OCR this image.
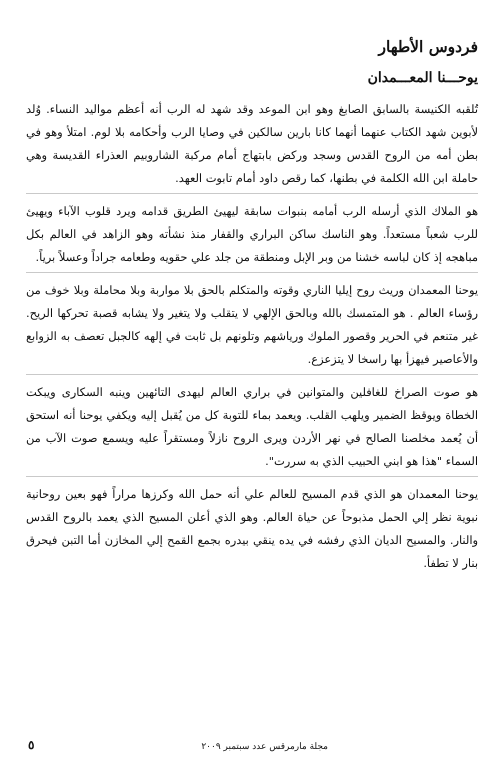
فردوس الأطهار
يوحـــنا المعـــمدان

تُلقبه الكنيسة بالسابق الصابغ وهو ابن الموعد وقد شهد له الرب أنه أعظم مواليد النساء. وُلد لأبوين شهد الكتاب عنهما أنهما كانا بارين سالكين في وصايا الرب وأحكامه بلا لوم. امتلأ وهو في بطن أمه من الروح القدس وسجد وركض بابتهاج أمام مركبة الشاروبيم العذراء القديسة وهي حاملة ابن الله الكلمة في بطنها، كما رقص داود أمام تابوت العهد.

هو الملاك الذي أرسله الرب أمامه بنبوات سابقة ليهيئ الطريق قدامه ويرد قلوب الآباء ويهيئ للرب شعباً مستعداً. وهو الناسك ساكن البراري والقفار منذ نشأته وهو الزاهد في العالم بكل مباهجه إذ كان لباسه خشنا من وبر الإبل ومنطقة من جلد علي حقويه وطعامه جراداً وعسلاً برياً.

يوحنا المعمدان وريث روح إيليا الناري وقوته والمتكلم بالحق بلا مواربة وبلا محاملة وبلا خوف من رؤساء العالم . هو المتمسك بالله وبالحق الإلهي لا يتقلب ولا يتغير ولا يشابه قصبة تحركها الريح. غير متنعم في الحرير وقصور الملوك ورياشهم وتلونهم بل ثابت في إلهه كالجبل تعصف به الزوابع والأعاصير فيهزأ بها راسخا لا يتزعزع.

هو صوت الصراخ للغافلين والمتوانين في براري العالم ليهدى التائهين وينبه السكارى ويبكت الخطاة ويوقظ الضمير ويلهب القلب. ويعمد بماء للتوبة كل من يُقبل إليه ويكفي يوحنا أنه استحق أن يُعمد مخلصنا الصالح في نهر الأردن ويرى الروح نازلاً ومستقراً عليه ويسمع صوت الآب من السماء "هذا هو ابني الحبيب الذي به سررت".

يوحنا المعمدان هو الذي قدم المسيح للعالم علي أنه حمل الله وكرزها مراراً فهو بعين روحانية نبوية نظر إلي الحمل مذبوحاً عن حياة العالم. وهو الذي أعلن المسيح الذي يعمد بالروح القدس والنار. والمسيح الديان الذي رفشه في يده ينقي بيدره بجمع القمح إلي المخازن أما التبن فيحرق بنار لا تطفأ.

مجلة مارمرقس عدد سبتمبر ٢٠٠٩
٥
